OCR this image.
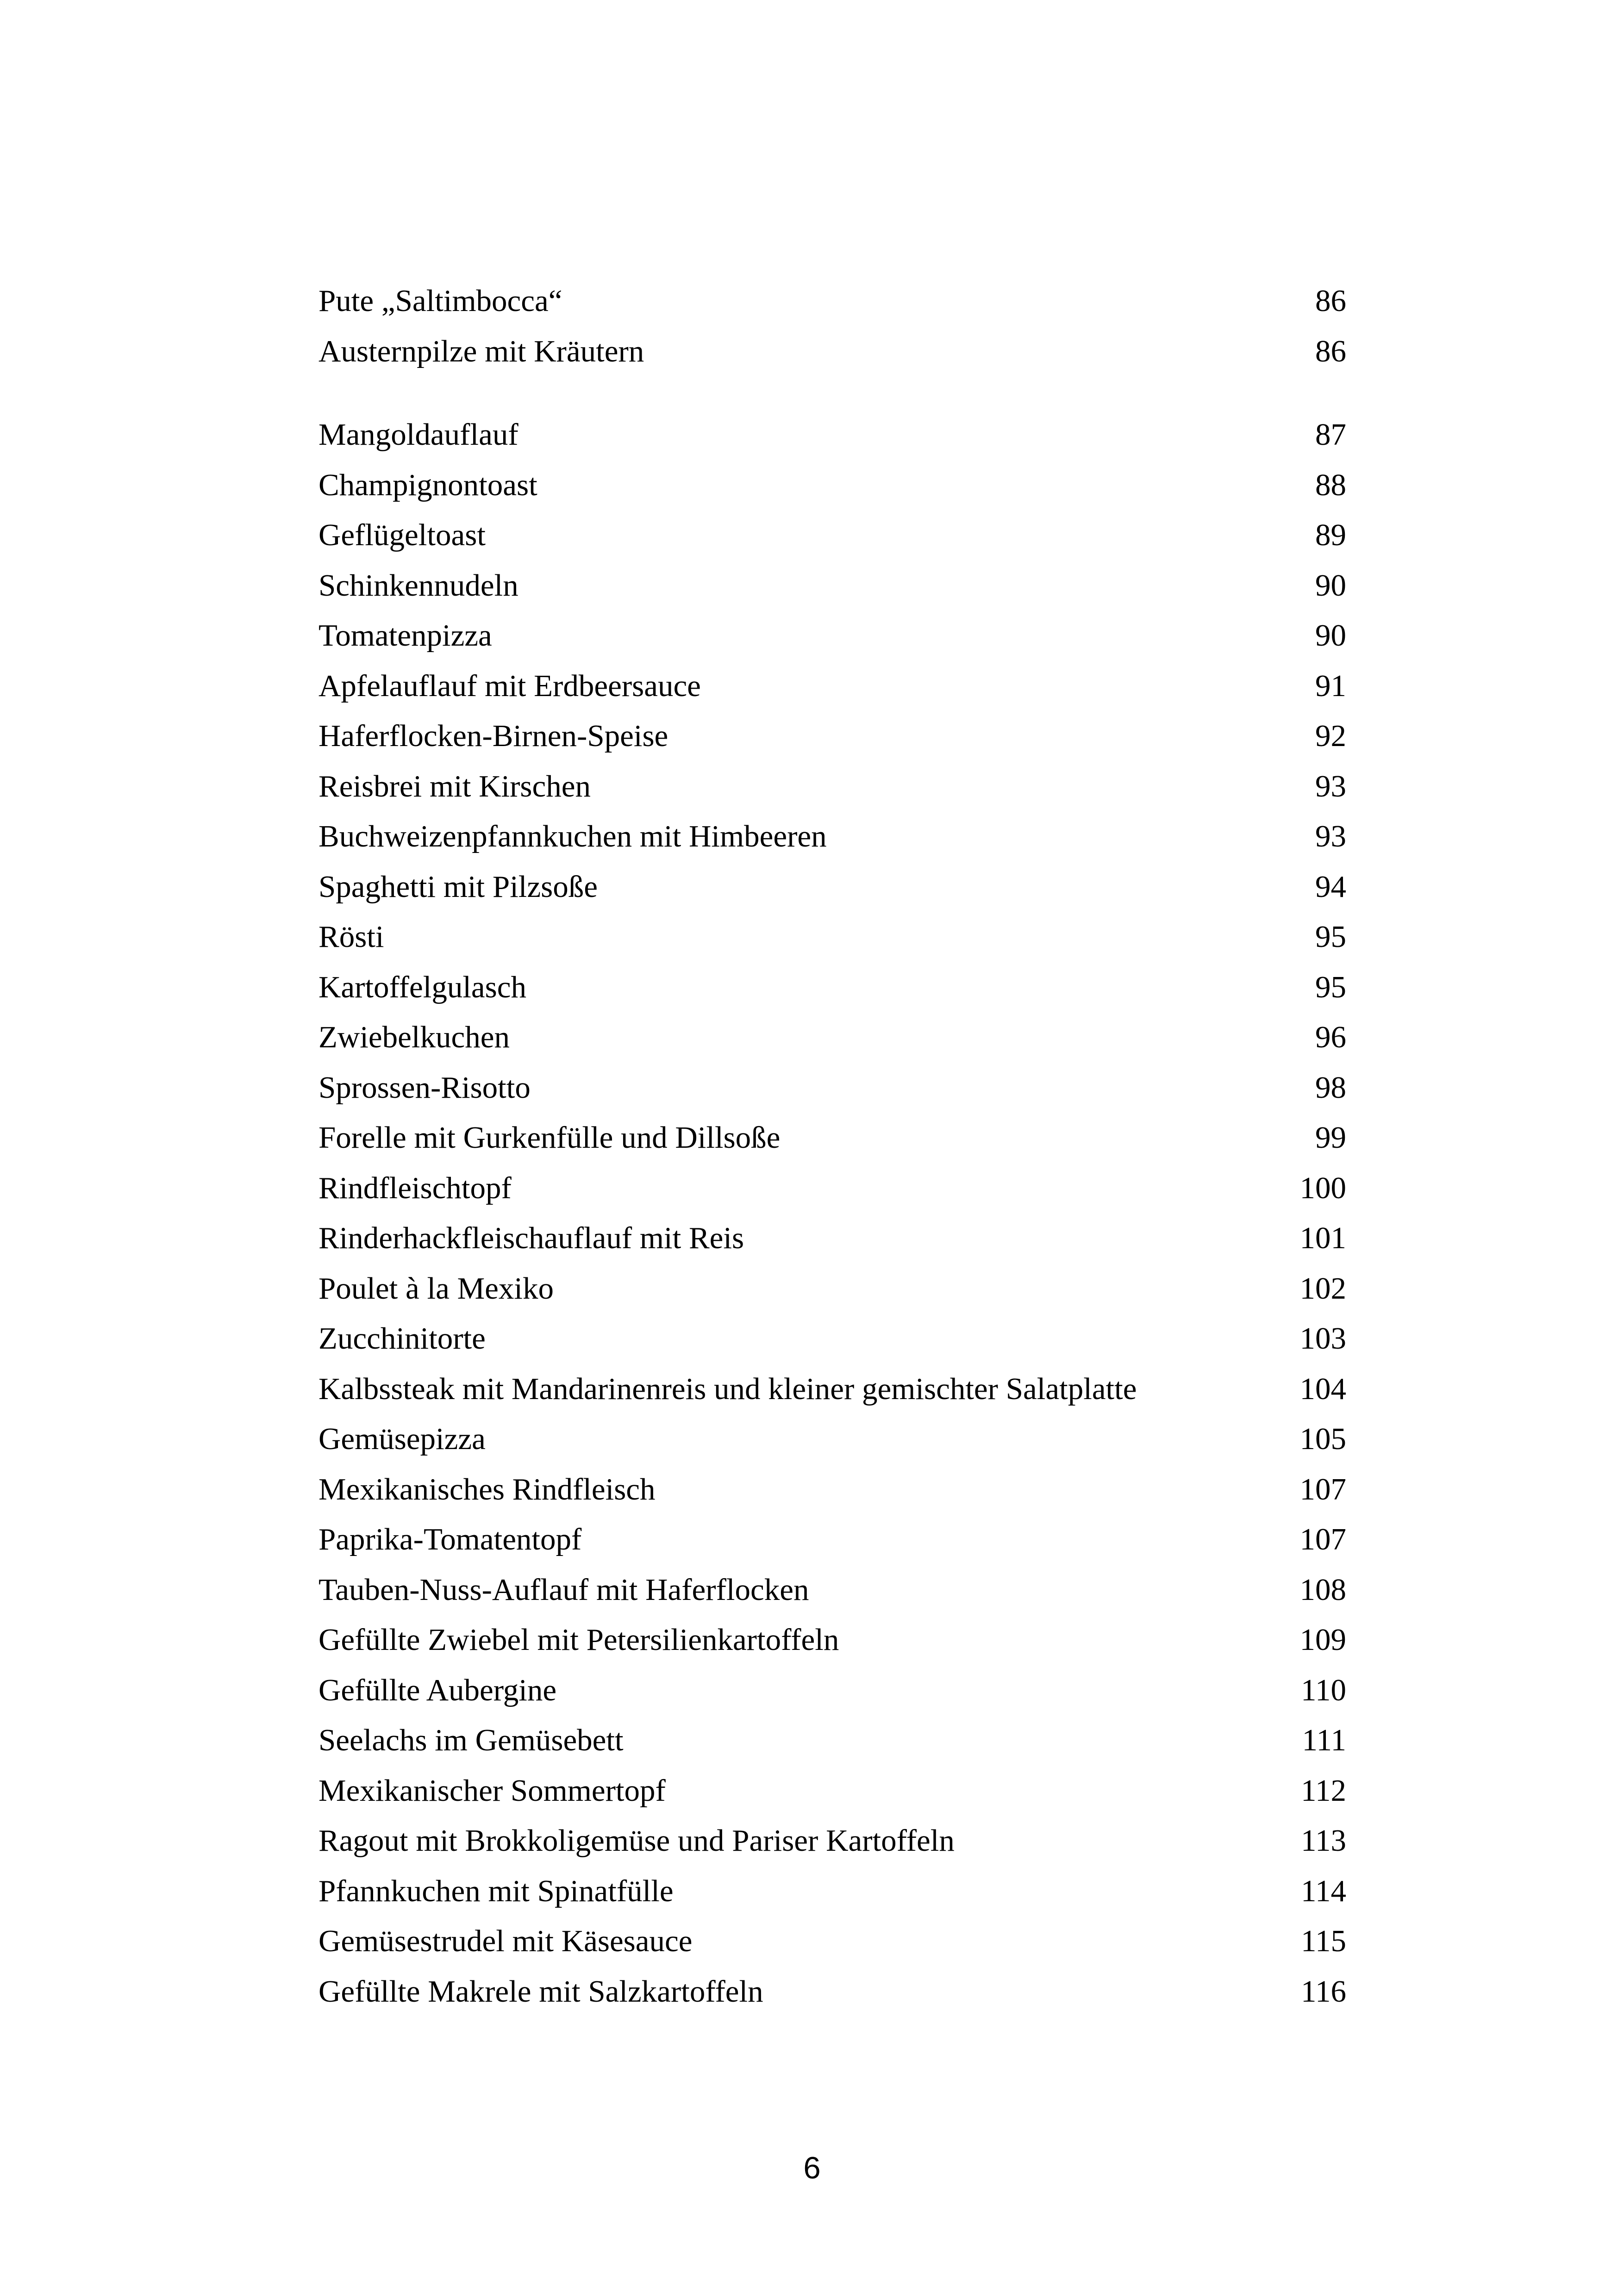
Pute „Saltimbocca“	86
Austernpilze mit Kräutern	86
Mangoldauflauf	87
Champignontoast	88
Geflügeltoast	89
Schinkennudeln	90
Tomatenpizza	90
Apfelauflauf mit Erdbeersauce	91
Haferflocken-Birnen-Speise	92
Reisbrei mit Kirschen	93
Buchweizenpfannkuchen mit Himbeeren	93
Spaghetti mit Pilzsoße	94
Rösti	95
Kartoffelgulasch	95
Zwiebelkuchen	96
Sprossen-Risotto	98
Forelle mit Gurkenfülle und Dillsoße	99
Rindfleischtopf	100
Rinderhackfleischauflauf mit Reis	101
Poulet à la Mexiko	102
Zucchinitorte	103
Kalbssteak mit Mandarinenreis und kleiner gemischter Salatplatte	104
Gemüsepizza	105
Mexikanisches Rindfleisch	107
Paprika-Tomatentopf	107
Tauben-Nuss-Auflauf mit Haferflocken	108
Gefüllte Zwiebel mit Petersilienkartoffeln	109
Gefüllte Aubergine	110
Seelachs im Gemüsebett	111
Mexikanischer Sommertopf	112
Ragout mit Brokkoligemüse und Pariser Kartoffeln	113
Pfannkuchen mit Spinatfülle	114
Gemüsestrudel mit Käsesauce	115
Gefüllte Makrele mit Salzkartoffeln	116
6
